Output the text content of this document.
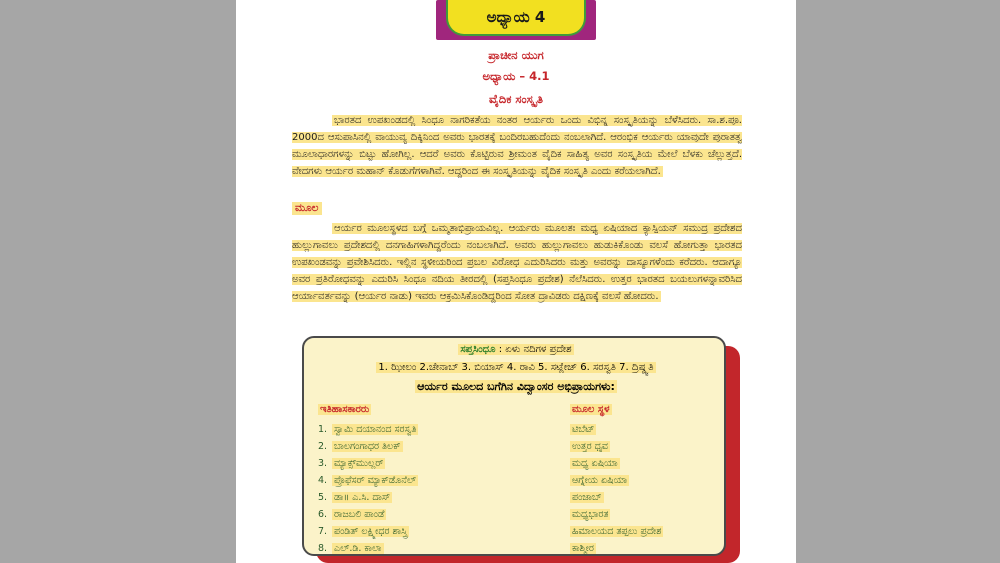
ಅಧ್ಯಾಯ 4
ಪ್ರಾಚೀನ ಯುಗ
ಅಧ್ಯಾಯ – 4.1
ವೈದಿಕ ಸಂಸ್ಕೃತಿ
ಭಾರತದ ಉಪಖಂಡದಲ್ಲಿ ಸಿಂಧೂ ನಾಗರಿಕತೆಯ ನಂತರ ಆರ್ಯರು ಒಂದು ವಿಭಿನ್ನ ಸಂಸ್ಕೃತಿಯನ್ನು ಬೆಳೆಸಿದರು. ಸಾ.ಶ.ಪೂ. 2000ದ ಆಸುಪಾಸಿನಲ್ಲಿ ವಾಯುವ್ಯ ದಿಕ್ಕಿನಿಂದ ಅವರು ಭಾರತಕ್ಕೆ ಬಂದಿರಬಹುದೆಂದು ನಂಬಲಾಗಿದೆ. ಆರಂಭಿಕ ಆರ್ಯರು ಯಾವುದೇ ಪುರಾತತ್ವ ಮೂಲಾಧಾರಗಳನ್ನು ಬಿಟ್ಟು ಹೋಗಿಲ್ಲ. ಆದರೆ ಅವರು ಕೊಟ್ಟಿರುವ ಶ್ರೀಮಂತ ವೈದಿಕ ಸಾಹಿತ್ಯ ಅವರ ಸಂಸ್ಕೃತಿಯ ಮೇಲೆ ಬೆಳಕು ಚೆಲ್ಲುತ್ತದೆ. ವೇದಗಳು ಆರ್ಯರ ಮಹಾನ್ ಕೊಡುಗೆಗಳಾಗಿವೆ. ಆದ್ದರಿಂದ ಈ ಸಂಸ್ಕೃತಿಯನ್ನು ವೈದಿಕ ಸಂಸ್ಕೃತಿ ಎಂದು ಕರೆಯಲಾಗಿದೆ.
ಮೂಲ
ಆರ್ಯರ ಮೂಲಸ್ಥಳದ ಬಗ್ಗೆ ಒಮ್ಮತಾಭಿಪ್ರಾಯವಿಲ್ಲ. ಆರ್ಯರು ಮೂಲತಃ ಮಧ್ಯ ಏಷಿಯಾದ ಕ್ಯಾಸ್ಪಿಯನ್ ಸಮುದ್ರ ಪ್ರದೇಶದ ಹುಲ್ಲುಗಾವಲು ಪ್ರದೇಶದಲ್ಲಿ ದನಗಾಹಿಗಳಾಗಿದ್ದರೆಂದು ನಂಬಲಾಗಿದೆ. ಅವರು ಹುಲ್ಲುಗಾವಲು ಹುಡುಕಿಕೊಂಡು ವಲಸೆ ಹೋಗುತ್ತಾ ಭಾರತದ ಉಪಖಂಡವನ್ನು ಪ್ರವೇಶಿಸಿದರು. ಇಲ್ಲಿನ ಸ್ಥಳೀಯರಿಂದ ಪ್ರಬಲ ವಿರೋಧ ಎದುರಿಸಿದರು ಮತ್ತು ಅವರನ್ನು ದಾಸ್ಯೂಗಳೆಂದು ಕರೆದರು. ಆದಾಗ್ಯೂ ಅವರ ಪ್ರತಿರೋಧವನ್ನು ಎದುರಿಸಿ ಸಿಂಧೂ ನದಿಯ ತೀರದಲ್ಲಿ (ಸಪ್ತಸಿಂಧೂ ಪ್ರದೇಶ) ನೆಲೆಸಿದರು. ಉತ್ತರ ಭಾರತದ ಬಯಲುಗಳನ್ನಾವರಿಸಿದ ಆರ್ಯಾವರ್ತವನ್ನು (ಆರ್ಯರ ನಾಡು) ಇವರು ಆಕ್ರಮಿಸಿಕೊಂಡಿದ್ದರಿಂದ ಸೋತ ದ್ರಾವಿಡರು ದಕ್ಷಿಣಕ್ಕೆ ವಲಸೆ ಹೋದರು.
ಸಪ್ತಸಿಂಧೂ : ಏಳು ನದಿಗಳ ಪ್ರದೇಶ
1. ಝೀಲಂ 2.ಚೇನಾಬ್ 3. ಬಿಯಾಸ್ 4. ರಾವಿ 5. ಸಟ್ಲೇಜ್ 6. ಸರಸ್ವತಿ 7. ದ್ರಿಷ್ಡ್ವತಿ
ಆರ್ಯರ ಮೂಲದ ಬಗೆಗಿನ ವಿದ್ವಾಂಸರ ಅಭಿಪ್ರಾಯಗಳು:
ಇತಿಹಾಸಕಾರರು	ಮೂಲ ಸ್ಥಳ
1. ಸ್ವಾಮಿ ದಯಾನಂದ ಸರಸ್ವತಿ
2. ಬಾಲಗಂಗಾಧರ ತಿಲಕ್
3. ಮ್ಯಾಕ್ಸ್‌ಮುಲ್ಲರ್
4. ಪ್ರೊಫೆಸರ್ ಮ್ಯಾಕ್‌ಡೊನೆಲ್
5. ಡಾ॥ ಎ.ಸಿ. ದಾಸ್
6. ರಾಜಬಲಿ ಪಾಂಡೆ
7. ಪಂಡಿತ್ ಲಕ್ಷ್ಮೀಧರ ಶಾಸ್ತ್ರಿ
8. ಎಲ್.ಡಿ. ಕಾಲಾ
ಟಿಬೆಟ್
ಉತ್ತರ ಧೃವ
ಮಧ್ಯ ಏಷಿಯಾ
ಆಗ್ನೇಯ ಏಷಿಯಾ
ಪಂಜಾಬ್
ಮಧ್ಯಭಾರತ
ಹಿಮಾಲಯದ ತಪ್ಪಲು ಪ್ರದೇಶ
ಕಾಶ್ಮೀರ
